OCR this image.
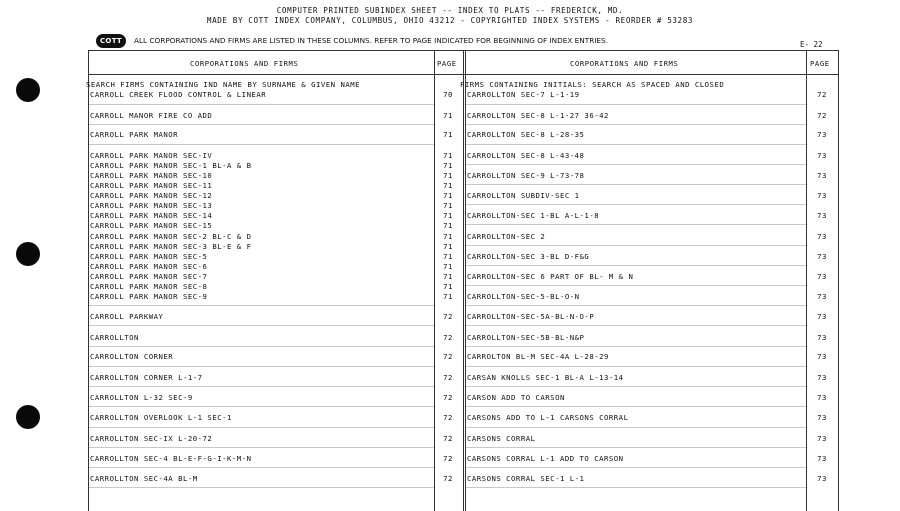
COMPUTER PRINTED SUBINDEX SHEET -- INDEX TO PLATS -- FREDERICK, MD.
MADE BY COTT INDEX COMPANY, COLUMBUS, OHIO 43212 - COPYRIGHTED INDEX SYSTEMS - REORDER # 53283
COTT	ALL CORPORATIONS AND FIRMS ARE LISTED IN THESE COLUMNS. REFER TO PAGE INDICATED FOR BEGINNING OF INDEX ENTRIES.	E- 22
CORPORATIONS AND FIRMS	PAGE	CORPORATIONS AND FIRMS	PAGE
SEARCH FIRMS CONTAINING IND NAME BY SURNAME & GIVEN NAME	FIRMS CONTAINING INITIALS: SEARCH AS SPACED AND CLOSED
CARROLL CREEK FLOOD CONTROL & LINEAR	70
CARROLL MANOR FIRE CO ADD	71
CARROLL PARK MANOR	71
CARROLL PARK MANOR SEC-IV	71
CARROLL PARK MANOR SEC-1 BL-A & B	71
CARROLL PARK MANOR SEC-10	71
CARROLL PARK MANOR SEC-11	71
CARROLL PARK MANOR SEC-12	71
CARROLL PARK MANOR SEC-13	71
CARROLL PARK MANOR SEC-14	71
CARROLL PARK MANOR SEC-15	71
CARROLL PARK MANOR SEC-2 BL-C & D	71
CARROLL PARK MANOR SEC-3 BL-E & F	71
CARROLL PARK MANOR SEC-5	71
CARROLL PARK MANOR SEC-6	71
CARROLL PARK MANOR SEC-7	71
CARROLL PARK MANOR SEC-8	71
CARROLL PARK MANOR SEC-9	71
CARROLL PARKWAY	72
CARROLLTON	72
CARROLLTON CORNER	72
CARROLLTON CORNER L-1-7	72
CARROLLTON L-32 SEC-9	72
CARROLLTON OVERLOOK L-1 SEC-1	72
CARROLLTON SEC-IX L-20-72	72
CARROLLTON SEC-4 BL-E-F-G-I-K-M-N	72
CARROLLTON SEC-4A BL-M	72
CARROLLTON SEC-7 L-1-19	72
CARROLLTON SEC-8 L-1-27 36-42	72
CARROLLTON SEC-8 L-28-35	73
CARROLLTON SEC-8 L-43-48	73
CARROLLTON SEC-9 L-73-78	73
CARROLLTON SUBDIV-SEC 1	73
CARROLLTON-SEC 1-BL A-L-1-8	73
CARROLLTON-SEC 2	73
CARROLLTON-SEC 3-BL D-F&G	73
CARROLLTON-SEC 6 PART OF BL- M & N	73
CARROLLTON-SEC-5-BL-O-N	73
CARROLLTON-SEC-5A-BL-N-O-P	73
CARROLLTON-SEC-5B-BL-N&P	73
CARROLTON BL-M SEC-4A L-28-29	73
CARSAN KNOLLS SEC-1 BL-A L-13-14	73
CARSON ADD TO CARSON	73
CARSONS ADD TO L-1 CARSONS CORRAL	73
CARSONS CORRAL	73
CARSONS CORRAL L-1 ADD TO CARSON	73
CARSONS CORRAL SEC-1 L-1	73
